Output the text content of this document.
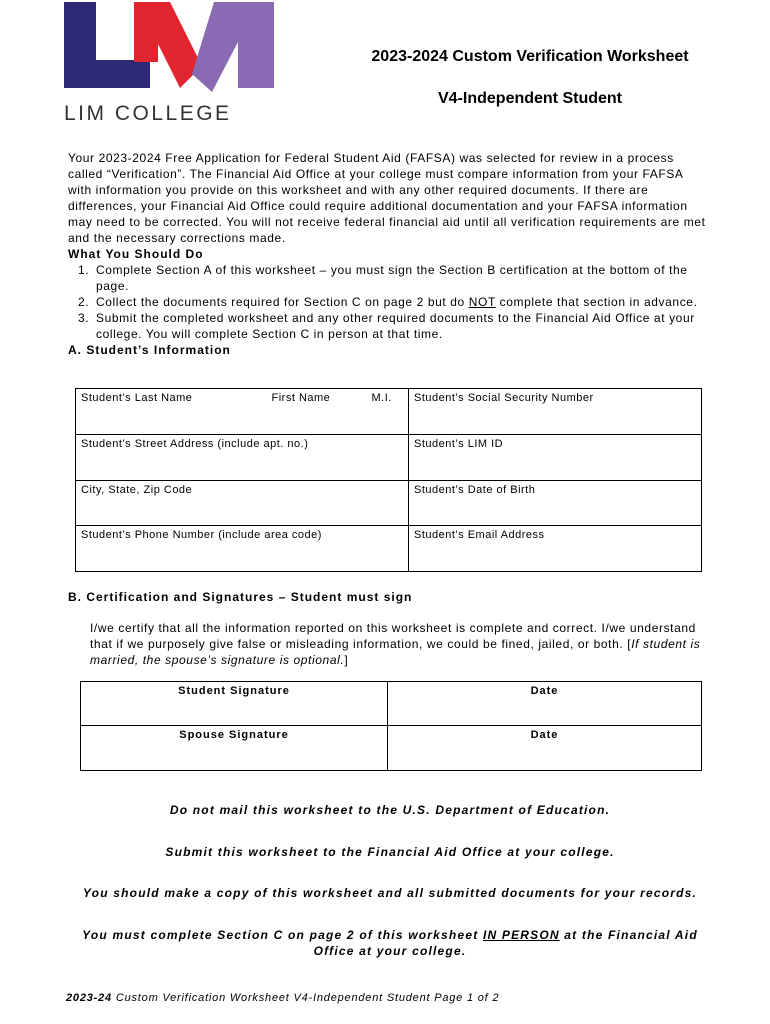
LIM COLLEGE
2023-2024 Custom Verification Worksheet
V4-Independent Student
Your 2023-2024 Free Application for Federal Student Aid (FAFSA) was selected for review in a process called “Verification”. The Financial Aid Office at your college must compare information from your FAFSA with information you provide on this worksheet and with any other required documents. If there are differences, your Financial Aid Office could require additional documentation and your FAFSA information may need to be corrected. You will not receive federal financial aid until all verification requirements are met and the necessary corrections made.
What You Should Do
1. Complete Section A of this worksheet – you must sign the Section B certification at the bottom of the page.
2. Collect the documents required for Section C on page 2 but do NOT complete that section in advance.
3. Submit the completed worksheet and any other required documents to the Financial Aid Office at your college. You will complete Section C in person at that time.
A. Student’s Information
Student’s Last Name First Name M.I.	Student’s Social Security Number
Student’s Street Address (include apt. no.)	Student’s LIM ID
City, State, Zip Code	Student’s Date of Birth
Student’s Phone Number (include area code)	Student’s Email Address
B. Certification and Signatures – Student must sign
I/we certify that all the information reported on this worksheet is complete and correct. I/we understand that if we purposely give false or misleading information, we could be fined, jailed, or both. [If student is married, the spouse’s signature is optional.]
Student Signature	Date
Spouse Signature	Date
Do not mail this worksheet to the U.S. Department of Education.
Submit this worksheet to the Financial Aid Office at your college.
You should make a copy of this worksheet and all submitted documents for your records.
You must complete Section C on page 2 of this worksheet IN PERSON at the Financial Aid Office at your college.
2023-24 Custom Verification Worksheet V4-Independent Student Page 1 of 2
